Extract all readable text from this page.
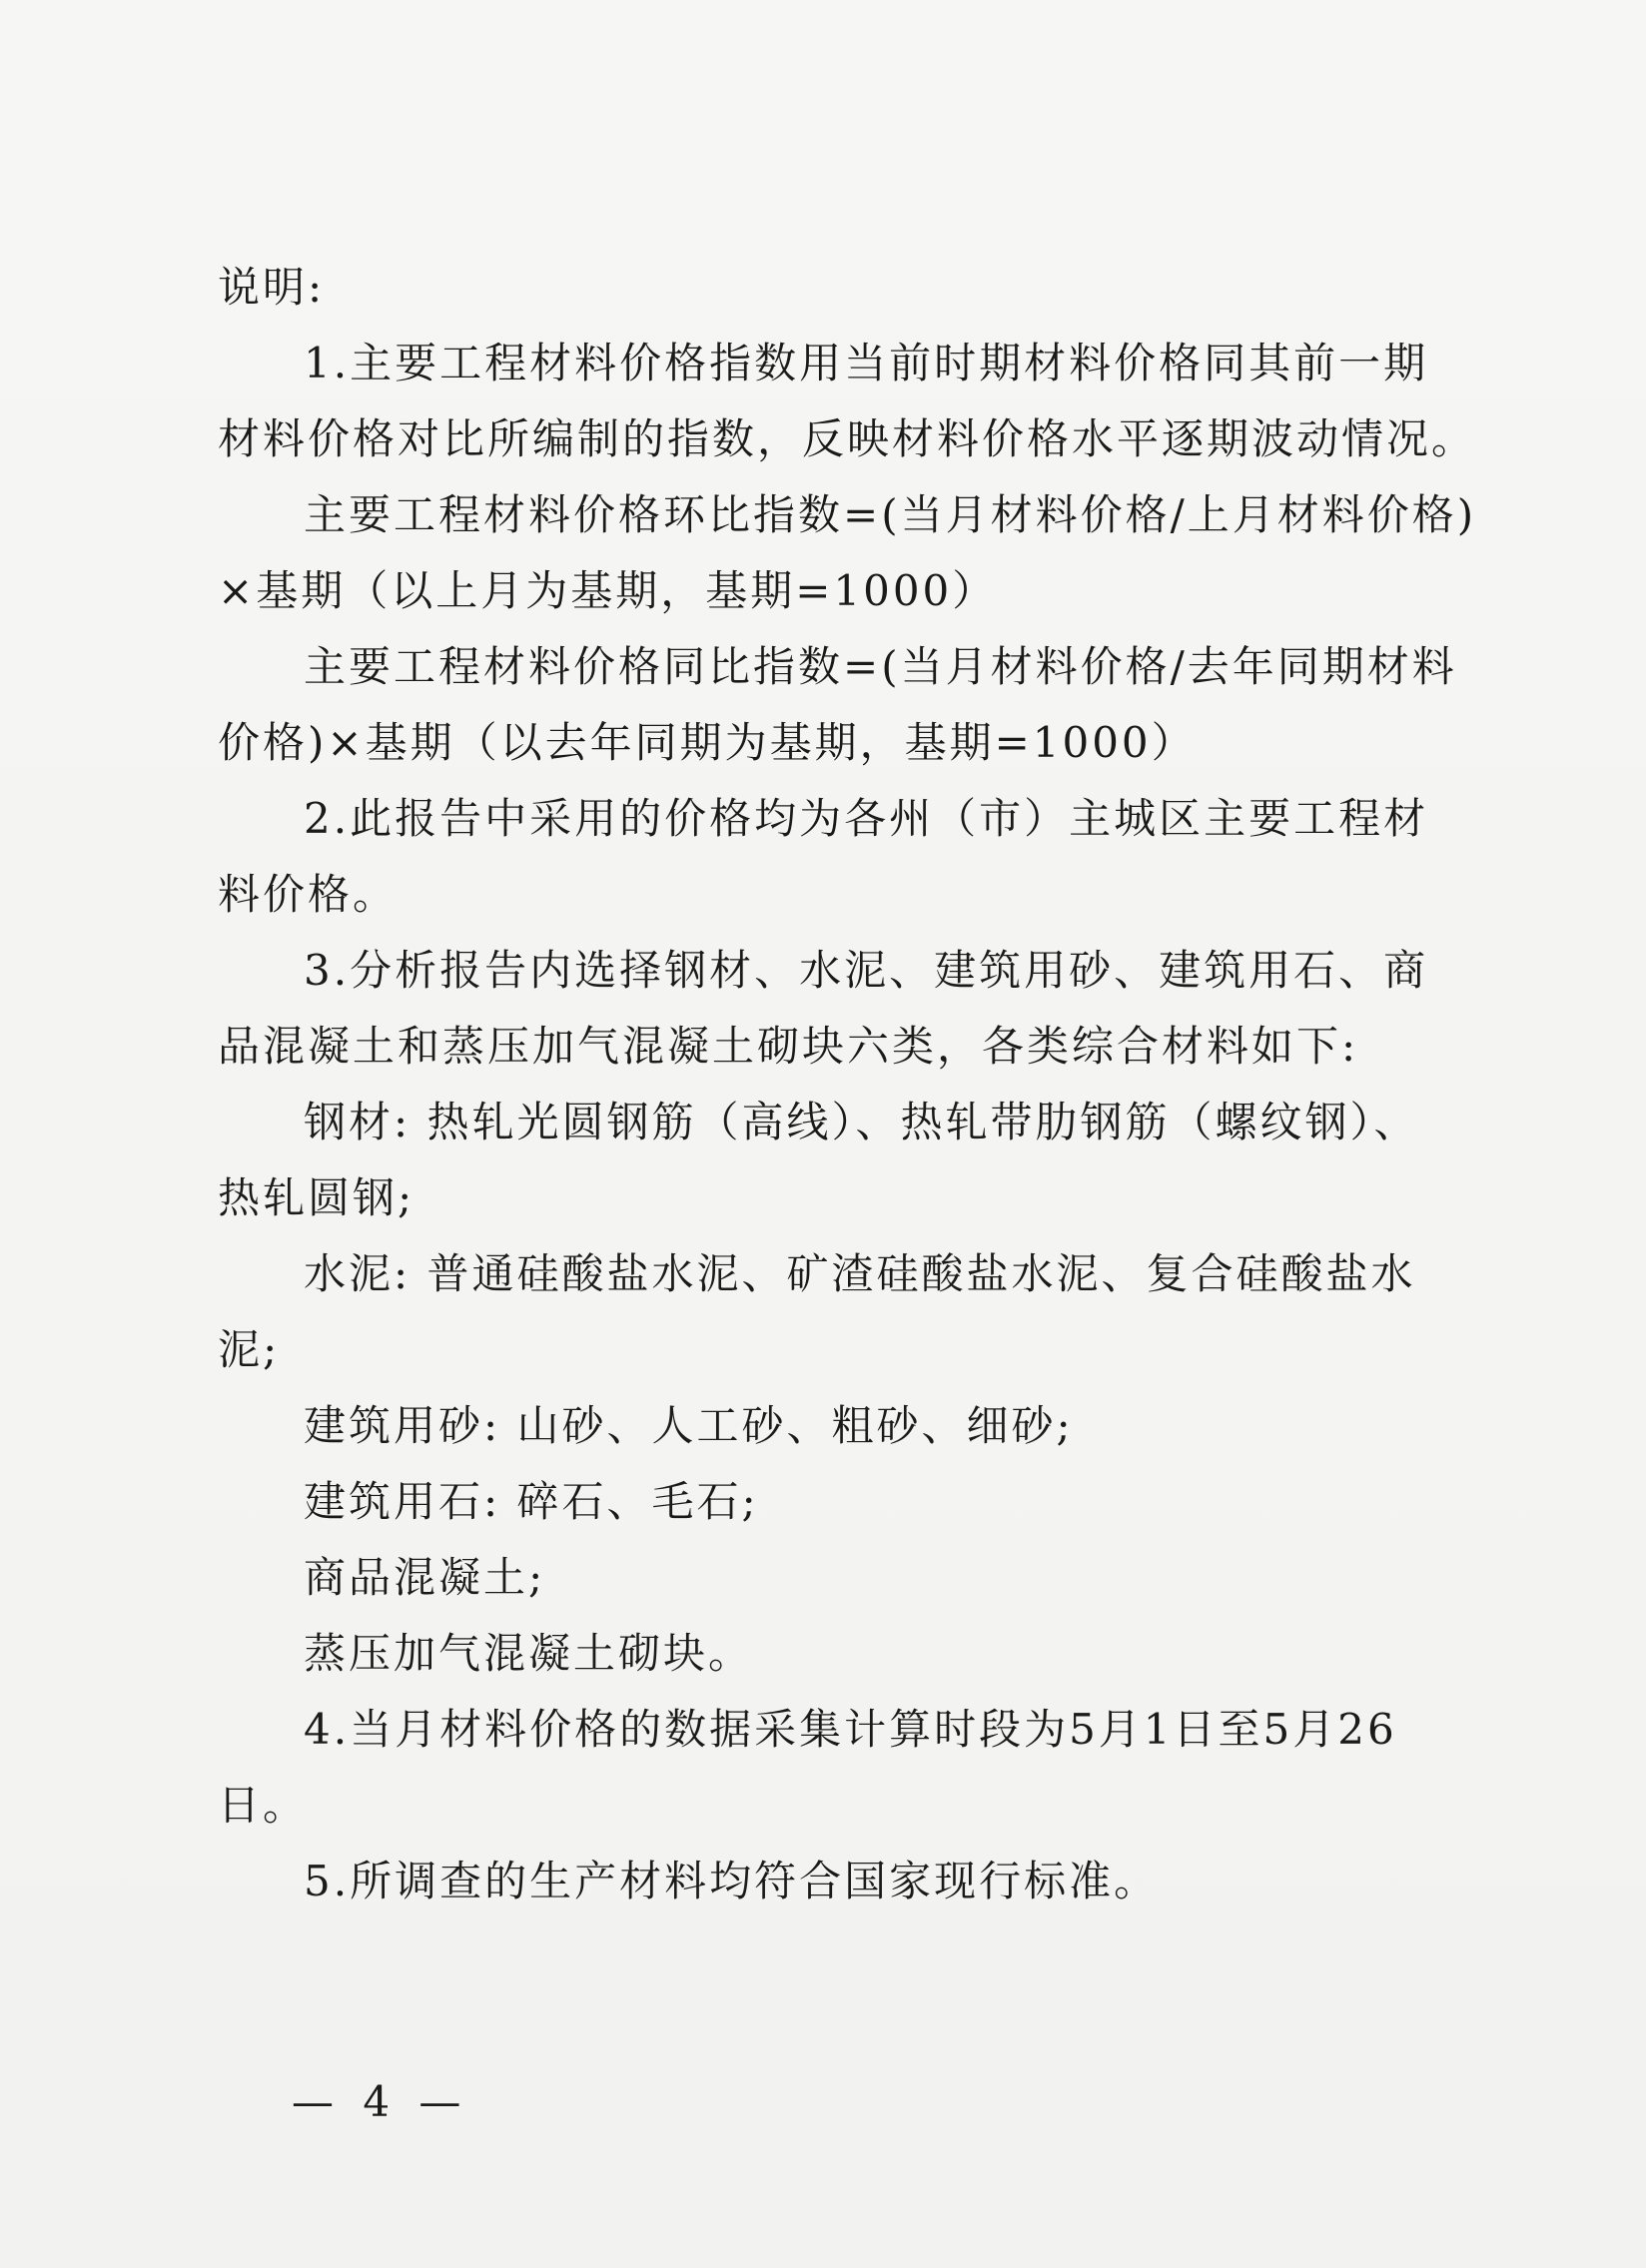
说明:

1.主要工程材料价格指数用当前时期材料价格同其前一期

材料价格对比所编制的指数，反映材料价格水平逐期波动情况。

主要工程材料价格环比指数=(当月材料价格/上月材料价格)

×基期（以上月为基期，基期=1000）

主要工程材料价格同比指数=(当月材料价格/去年同期材料

价格)×基期（以去年同期为基期，基期=1000）

2.此报告中采用的价格均为各州（市）主城区主要工程材

料价格。

3.分析报告内选择钢材、水泥、建筑用砂、建筑用石、商

品混凝土和蒸压加气混凝土砌块六类，各类综合材料如下:

钢材: 热轧光圆钢筋（高线）、热轧带肋钢筋（螺纹钢）、

热轧圆钢;

水泥: 普通硅酸盐水泥、矿渣硅酸盐水泥、复合硅酸盐水

泥;

建筑用砂: 山砂、人工砂、粗砂、细砂;

建筑用石: 碎石、毛石;

商品混凝土;

蒸压加气混凝土砌块。

4.当月材料价格的数据采集计算时段为5月1日至5月26

日。

5.所调查的生产材料均符合国家现行标准。

— 4 —
